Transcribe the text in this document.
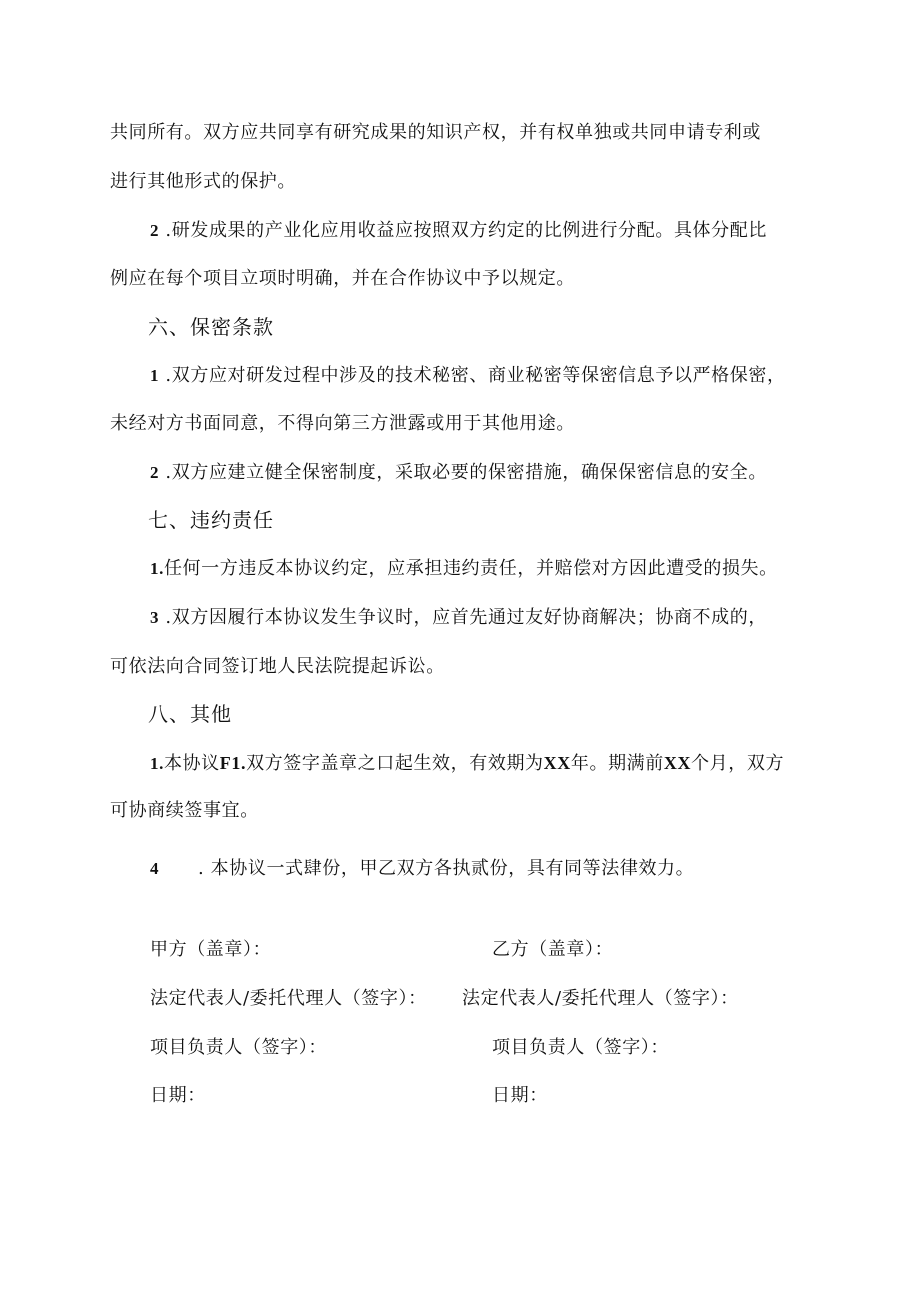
共同所有。双方应共同享有研究成果的知识产权，并有权单独或共同申请专利或
进行其他形式的保护。
2 .研发成果的产业化应用收益应按照双方约定的比例进行分配。具体分配比
例应在每个项目立项时明确，并在合作协议中予以规定。
六、保密条款
1 .双方应对研发过程中涉及的技术秘密、商业秘密等保密信息予以严格保密，
未经对方书面同意，不得向第三方泄露或用于其他用途。
2 .双方应建立健全保密制度，采取必要的保密措施，确保保密信息的安全。
七、违约责任
1.任何一方违反本协议约定，应承担违约责任，并赔偿对方因此遭受的损失。
3 .双方因履行本协议发生争议时，应首先通过友好协商解决；协商不成的，
可依法向合同签订地人民法院提起诉讼。
八、其他
1.本协议F1.双方签字盖章之口起生效，有效期为XX年。期满前XX个月，双方
可协商续签事宜。
4 . 本协议一式肆份，甲乙双方各执贰份，具有同等法律效力。
甲方（盖章）：	乙方（盖章）：
法定代表人/委托代理人（签字）： 法定代表人/委托代理人（签字）：
项目负责人（签字）：	项目负责人（签字）：
日期：	日期：
